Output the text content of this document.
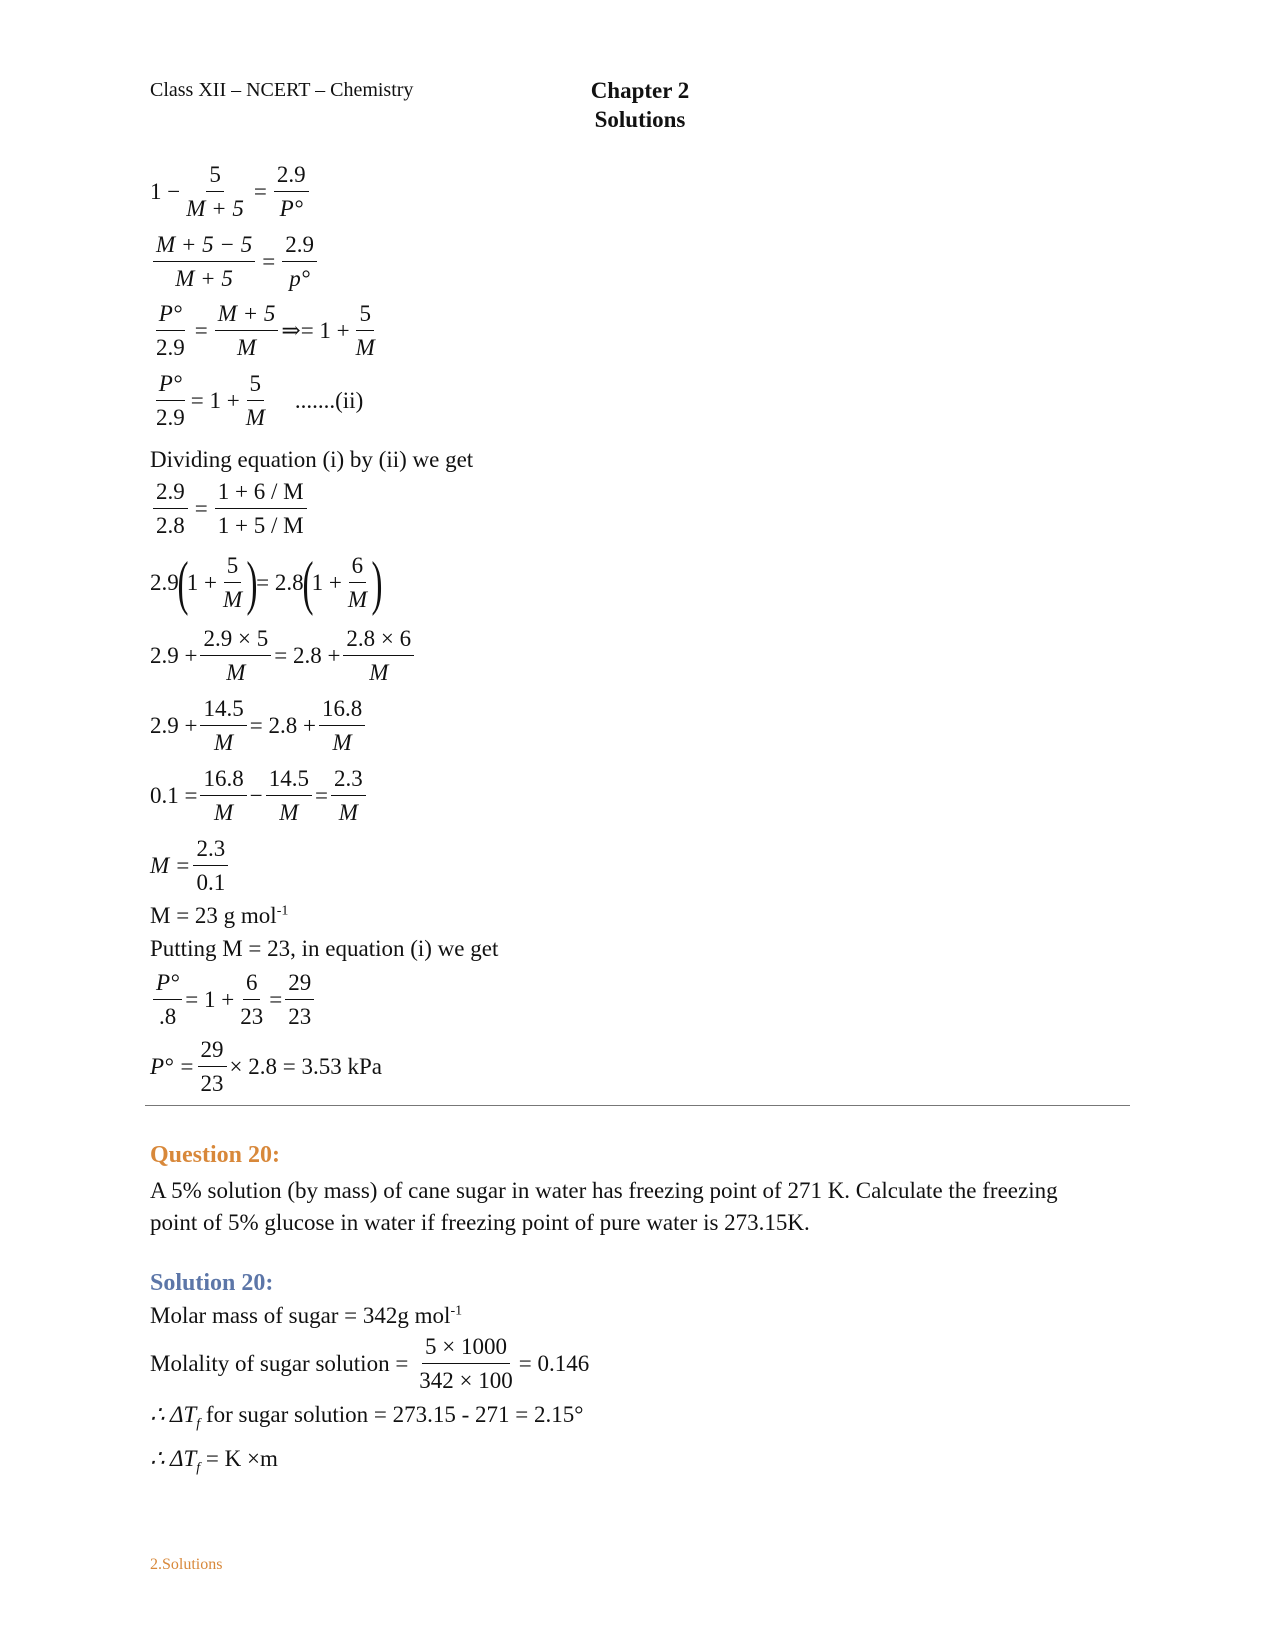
Class XII – NCERT – Chemistry	Chapter 2
Solutions
$1 - \frac{5}{M + 5} = \frac{2.9}{P^\circ}$
$\frac{M + 5 - 5}{M + 5} = \frac{2.9}{p^\circ}$
$\frac{P^\circ}{2.9} = \frac{M + 5}{M}$ ⇒= $1 + \frac{5}{M}$
$\frac{P^\circ}{2.9} = 1 + \frac{5}{M} .......(ii)$
Dividing equation (i) by (ii) we get
$\frac{2.9}{2.8} = \frac{1 + 6 / M}{1 + 5 / M}$
2.9
(
$1 + \frac{5}{M}$ )
= 2.8
(
$1 + \frac{6}{M}$ )
$2.9 + \frac{2.9 \times 5}{M} = 2.8 + \frac{2.8 \times 6}{M}$
$2.9 + \frac{14.5}{M} = 2.8 + \frac{16.8}{M}$
$0.1 = \frac{16.8}{M} - \frac{14.5}{M} = \frac{2.3}{M}$
$M = \frac{2.3}{0.1}$
M = 23 g mol$^{-1}$
Putting M = 23, in equation (i) we get
$\frac{P^\circ}{.8} = 1 + \frac{6}{23} = \frac{29}{23}$
$P^\circ = \frac{29}{23} \times 2.8 = 3.53$ kPa
Question 20:
A 5% solution (by mass) of cane sugar in water has freezing point of 271 K. Calculate the freezing point of 5% glucose in water if freezing point of pure water is 273.15K.
Solution 20:
Molar mass of sugar = 342g mol$^{-1}$
Molality of sugar solution = $\frac{5 \times 1000}{342 \times 100} = 0.146$
∴ $\Delta T_f$ for sugar solution = 273.15 - 271 = 2.15°
∴ $\Delta T_f = K \times m$
2.Solutions
